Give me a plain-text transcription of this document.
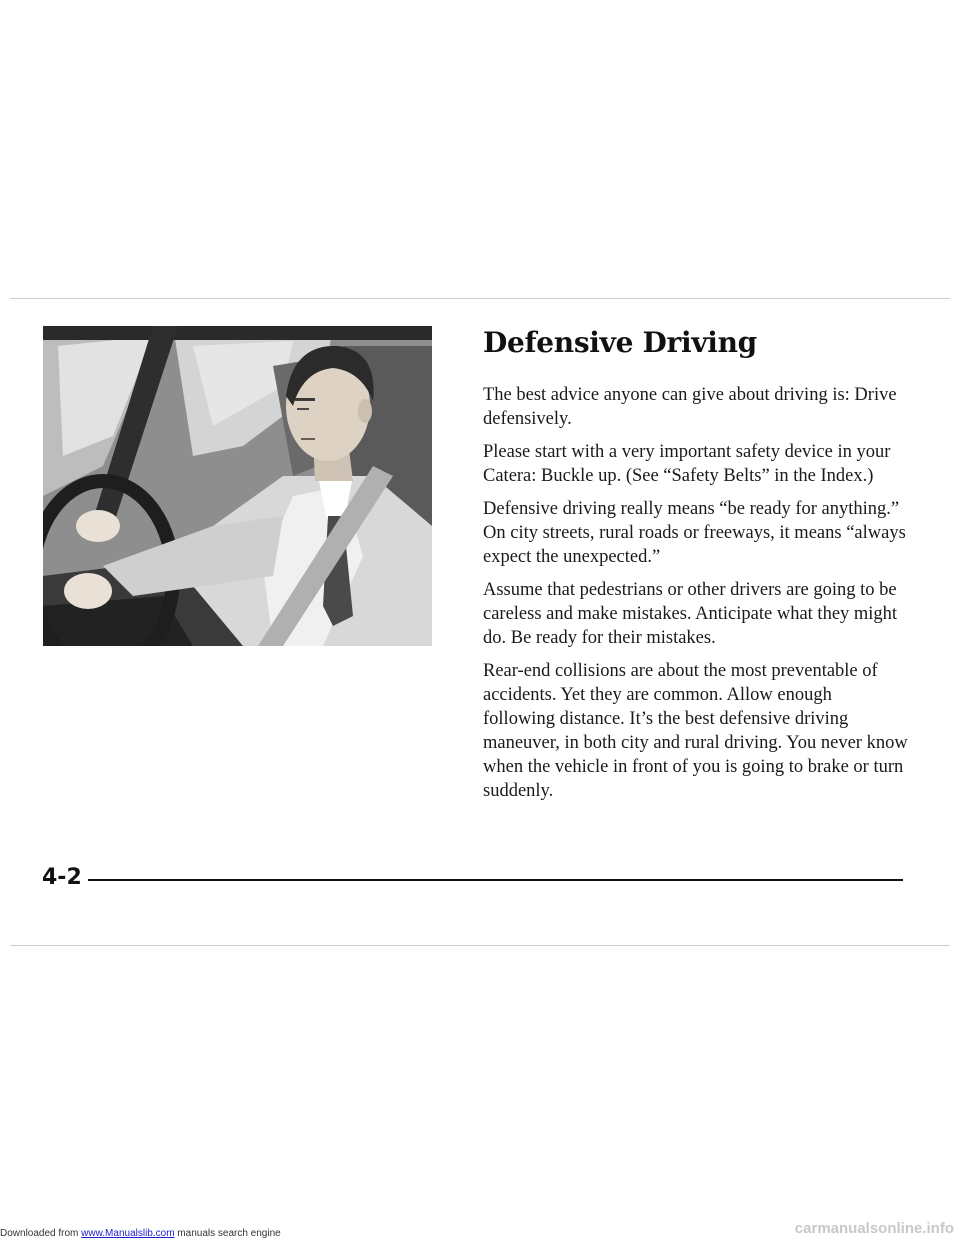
Defensive Driving

The best advice anyone can give about driving is: Drive defensively.

Please start with a very important safety device in your Catera: Buckle up. (See “Safety Belts” in the Index.)

Defensive driving really means “be ready for anything.” On city streets, rural roads or freeways, it means “always expect the unexpected.”

Assume that pedestrians or other drivers are going to be careless and make mistakes. Anticipate what they might do. Be ready for their mistakes.

Rear-end collisions are about the most preventable of accidents. Yet they are common. Allow enough following distance. It’s the best defensive driving maneuver, in both city and rural driving. You never know when the vehicle in front of you is going to brake or turn suddenly.

4-2
Downloaded from www.Manualslib.com manuals search engine	carmanualsonline.info
